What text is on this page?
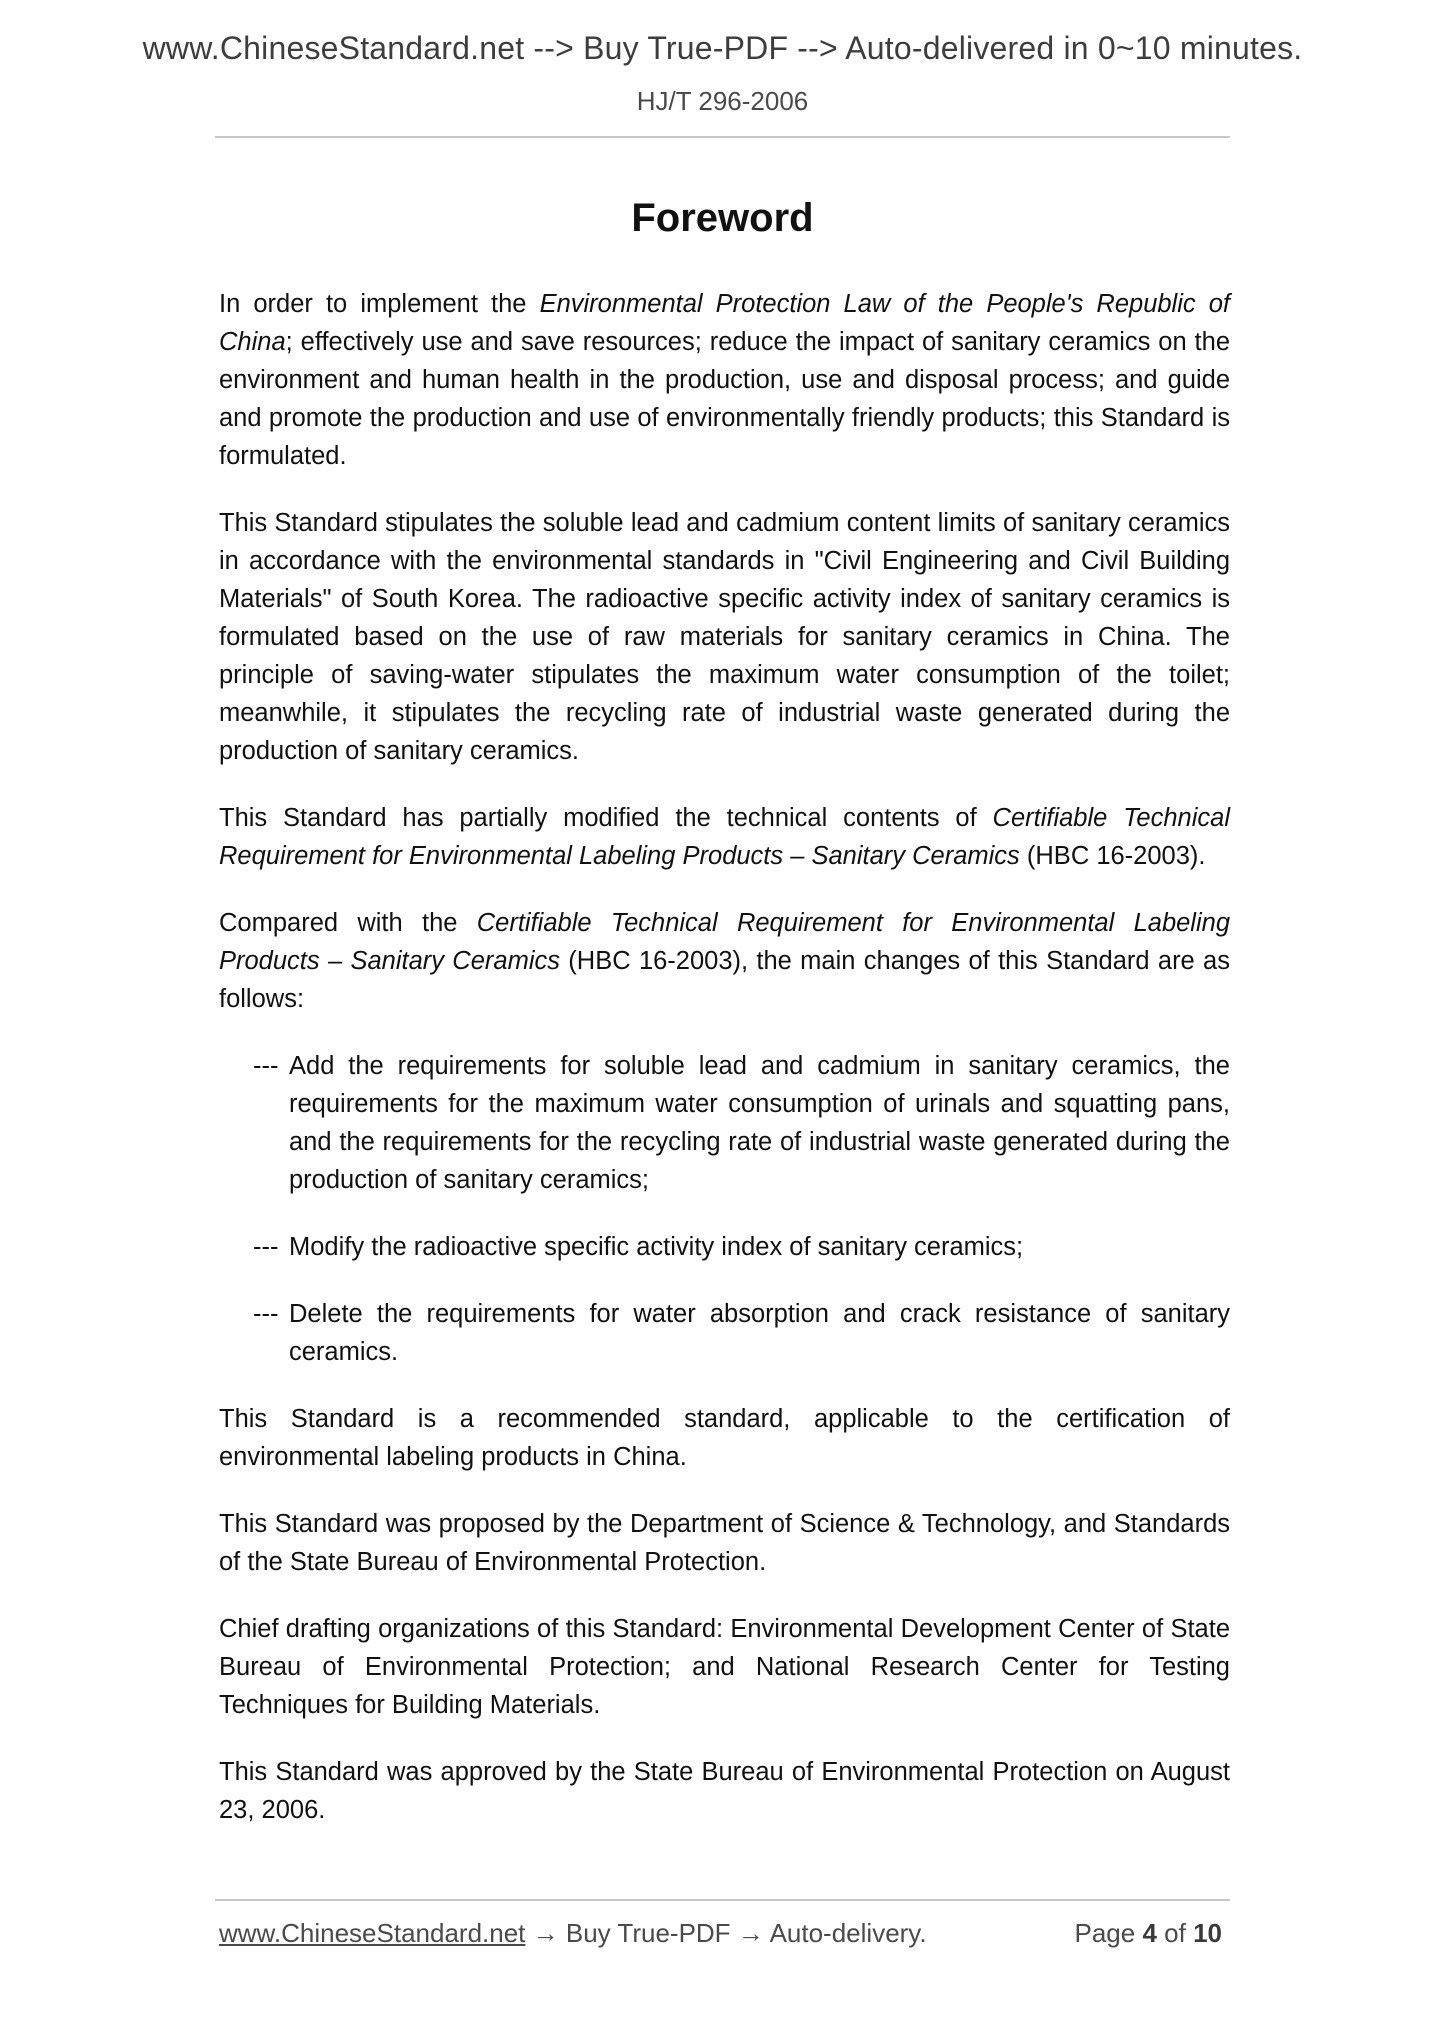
www.ChineseStandard.net --> Buy True-PDF --> Auto-delivered in 0~10 minutes.
HJ/T 296-2006
Foreword

In order to implement the Environmental Protection Law of the People's Republic of China; effectively use and save resources; reduce the impact of sanitary ceramics on the environment and human health in the production, use and disposal process; and guide and promote the production and use of environmentally friendly products; this Standard is formulated.

This Standard stipulates the soluble lead and cadmium content limits of sanitary ceramics in accordance with the environmental standards in "Civil Engineering and Civil Building Materials" of South Korea. The radioactive specific activity index of sanitary ceramics is formulated based on the use of raw materials for sanitary ceramics in China. The principle of saving-water stipulates the maximum water consumption of the toilet; meanwhile, it stipulates the recycling rate of industrial waste generated during the production of sanitary ceramics.

This Standard has partially modified the technical contents of Certifiable Technical Requirement for Environmental Labeling Products – Sanitary Ceramics (HBC 16-2003).

Compared with the Certifiable Technical Requirement for Environmental Labeling Products – Sanitary Ceramics (HBC 16-2003), the main changes of this Standard are as follows:

--- Add the requirements for soluble lead and cadmium in sanitary ceramics, the requirements for the maximum water consumption of urinals and squatting pans, and the requirements for the recycling rate of industrial waste generated during the production of sanitary ceramics;
--- Modify the radioactive specific activity index of sanitary ceramics;
--- Delete the requirements for water absorption and crack resistance of sanitary ceramics.

This Standard is a recommended standard, applicable to the certification of environmental labeling products in China.

This Standard was proposed by the Department of Science & Technology, and Standards of the State Bureau of Environmental Protection.

Chief drafting organizations of this Standard: Environmental Development Center of State Bureau of Environmental Protection; and National Research Center for Testing Techniques for Building Materials.

This Standard was approved by the State Bureau of Environmental Protection on August 23, 2006.

www.ChineseStandard.net → Buy True-PDF → Auto-delivery.	Page 4 of 10
